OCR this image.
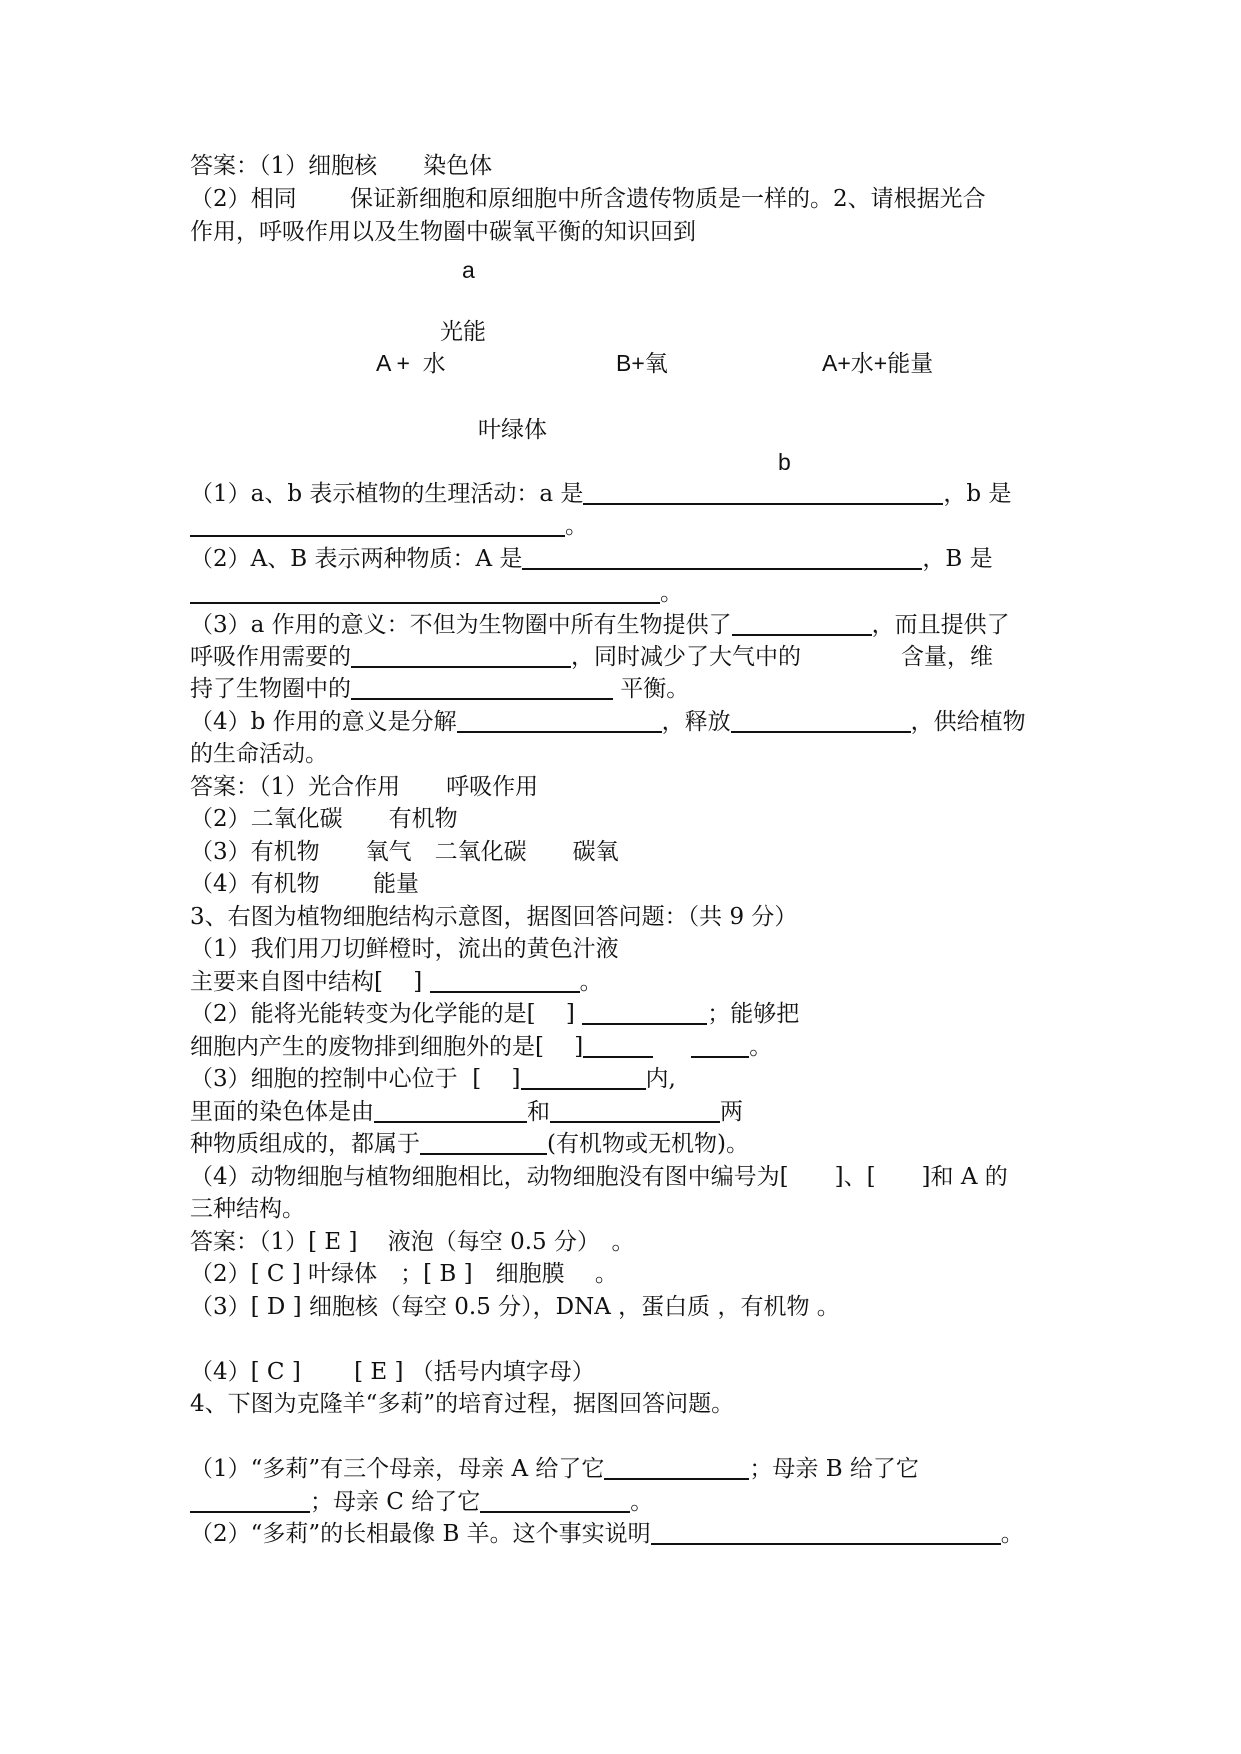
答案：（1）细胞核　　染色体
（2）相同　　 保证新细胞和原细胞中所含遗传物质是一样的。2、请根据光合
作用，呼吸作用以及生物圈中碳氧平衡的知识回到
a
光能
A +  水	B+氧	A+水+能量
叶绿体
b
（1）a、b 表示植物的生理活动：a 是	，b 是
。
（2）A、B 表示两种物质：A 是	，B 是
。
（3）a 作用的意义：不但为生物圈中所有生物提供了	，而且提供了
呼吸作用需要的	，同时减少了大气中的	含量，维
持了生物圈中的	平衡。
（4）b 作用的意义是分解	，释放	，供给植物
的生命活动。
答案：（1）光合作用　　呼吸作用
（2）二氧化碳　　有机物
（3）有机物　　氧气　二氧化碳　　碳氧
（4）有机物　　 能量
3、右图为植物细胞结构示意图，据图回答问题：（共 9 分）
（1）我们用刀切鲜橙时，流出的黄色汁液
主要来自图中结构[　 ]	。
（2）能将光能转变为化学能的是[　 ]	；能够把
细胞内产生的废物排到细胞外的是[　 ]	。
（3）细胞的控制中心位于  [　 ]	内,
里面的染色体是由	和	两
种物质组成的，都属于	(有机物或无机物)。
（4）动物细胞与植物细胞相比，动物细胞没有图中编号为[　　]、[　　]和 A 的
三种结构。
答案：（1）[ E ]　 液泡（每空 0.5 分）　。
（2）[ C ] 叶绿体　；[ B ]　细胞膜　 。
（3）[ D ] 细胞核（每空 0.5 分），DNA ，蛋白质 ，有机物 。
（4）[ C ]　　 [ E ] （括号内填字母）
4、下图为克隆羊“多莉”的培育过程，据图回答问题。
（1）“多莉”有三个母亲，母亲 A 给了它	；母亲 B 给了它
；母亲 C 给了它	。
（2）“多莉”的长相最像 B 羊。这个事实说明	。
